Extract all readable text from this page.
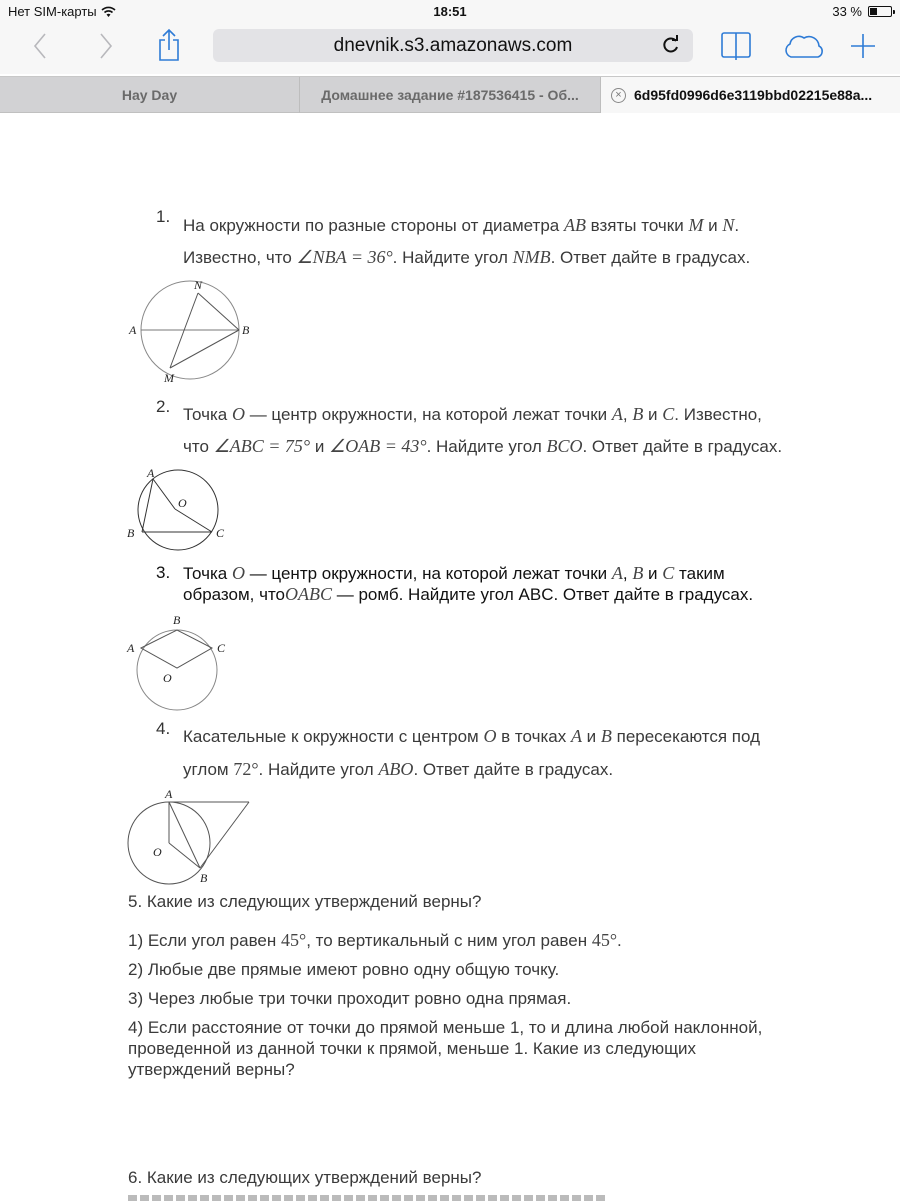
Нет SIM-карты	18:51	33 %
dnevnik.s3.amazonaws.com
Hay Day	Домашнее задание #187536415 - Об...	× 6d95fd0996d6e3119bbd02215e88a...
1. На окружности по разные стороны от диаметра AB взяты точки M и N.
Известно, что ∠NBA = 36°. Найдите угол NMB. Ответ дайте в градусах.
A	B
N
M
2. Точка O — центр окружности, на которой лежат точки A, B и C. Известно,
что ∠ABC = 75° и ∠OAB = 43°. Найдите угол BCO. Ответ дайте в градусах.
A
O
B	C
3. Точка O — центр окружности, на которой лежат точки A, B и C таким
образом, чтоOABC — ромб. Найдите угол ABC. Ответ дайте в градусах.
B
A	C
O
4. Касательные к окружности с центром O в точках A и B пересекаются под
углом 72°. Найдите угол ABO. Ответ дайте в градусах.
A
O
B
5. Какие из следующих утверждений верны?
1) Если угол равен 45°, то вертикальный с ним угол равен 45°.
2) Любые две прямые имеют ровно одну общую точку.
3) Через любые три точки проходит ровно одна прямая.
4) Если расстояние от точки до прямой меньше 1, то и длина любой наклонной,
проведенной из данной точки к прямой, меньше 1. Какие из следующих
утверждений верны?
6. Какие из следующих утверждений верны?
